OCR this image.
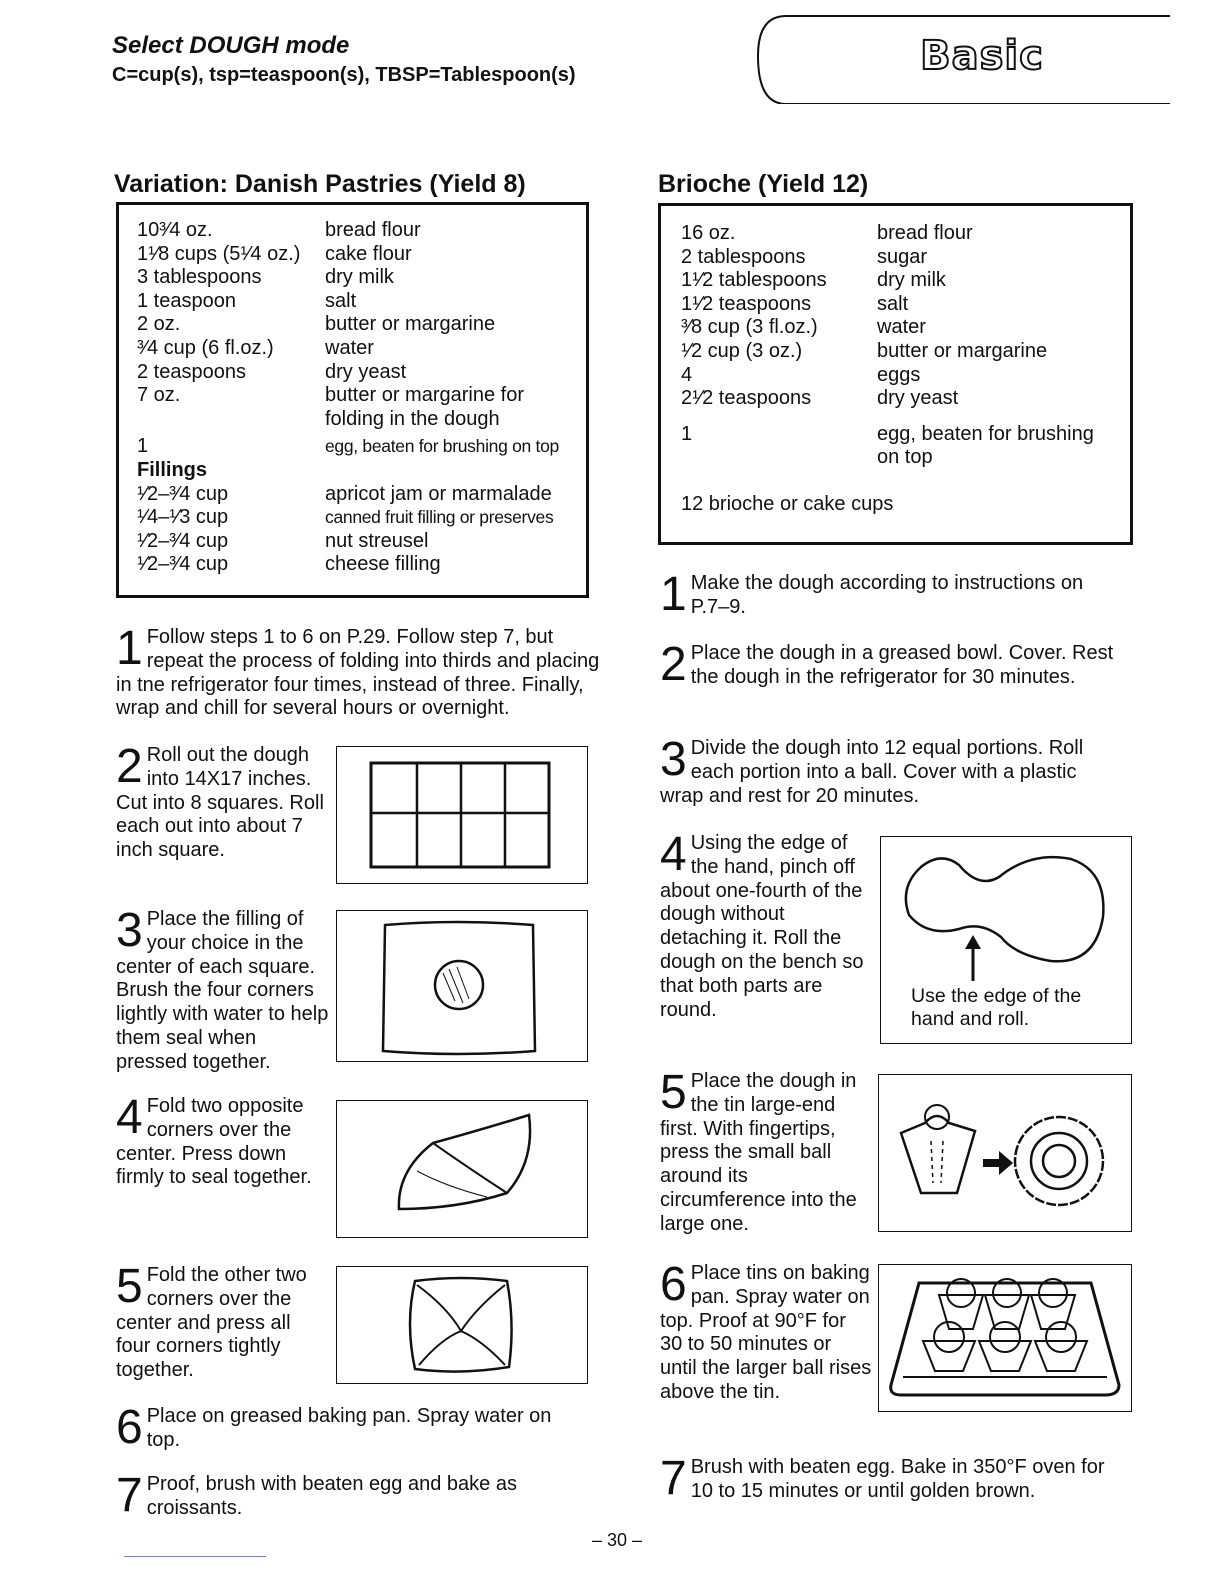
Select DOUGH mode
C=cup(s), tsp=teaspoon(s), TBSP=Tablespoon(s)	Basic
Variation: Danish Pastries (Yield 8)
10³⁄4 oz.	bread flour
1¹⁄8 cups (5¹⁄4 oz.)	cake flour
3 tablespoons	dry milk
1 teaspoon	salt
2 oz.	butter or margarine
³⁄4 cup (6 fl.oz.)	water
2 teaspoons	dry yeast
7 oz.	butter or margarine for folding in the dough
1	egg, beaten for brushing on top
Fillings
¹⁄2–³⁄4 cup	apricot jam or marmalade
¹⁄4–¹⁄3 cup	canned fruit filling or preserves
¹⁄2–³⁄4 cup	nut streusel
¹⁄2–³⁄4 cup	cheese filling
1 Follow steps 1 to 6 on P.29. Follow step 7, but repeat the process of folding into thirds and placing in tne refrigerator four times, instead of three. Finally, wrap and chill for several hours or overnight.
2 Roll out the dough into 14X17 inches. Cut into 8 squares. Roll each out into about 7 inch square.
3 Place the filling of your choice in the center of each square. Brush the four corners lightly with water to help them seal when pressed together.
4 Fold two opposite corners over the center. Press down firmly to seal together.
5 Fold the other two corners over the center and press all four corners tightly together.
6 Place on greased baking pan. Spray water on top.
7 Proof, brush with beaten egg and bake as croissants.
Brioche (Yield 12)
16 oz.	bread flour
2 tablespoons	sugar
1¹⁄2 tablespoons	dry milk
1¹⁄2 teaspoons	salt
³⁄8 cup (3 fl.oz.)	water
¹⁄2 cup (3 oz.)	butter or margarine
4	eggs
2¹⁄2 teaspoons	dry yeast
1	egg, beaten for brushing on top
12 brioche or cake cups
1 Make the dough according to instructions on P.7–9.
2 Place the dough in a greased bowl. Cover. Rest the dough in the refrigerator for 30 minutes.
3 Divide the dough into 12 equal portions. Roll each portion into a ball. Cover with a plastic wrap and rest for 20 minutes.
4 Using the edge of the hand, pinch off about one-fourth of the dough without detaching it. Roll the dough on the bench so that both parts are round.
Use the edge of the hand and roll.
5 Place the dough in the tin large-end first. With fingertips, press the small ball around its circumference into the large one.
6 Place tins on baking pan. Spray water on top. Proof at 90°F for 30 to 50 minutes or until the larger ball rises above the tin.
7 Brush with beaten egg. Bake in 350°F oven for 10 to 15 minutes or until golden brown.
– 30 –
